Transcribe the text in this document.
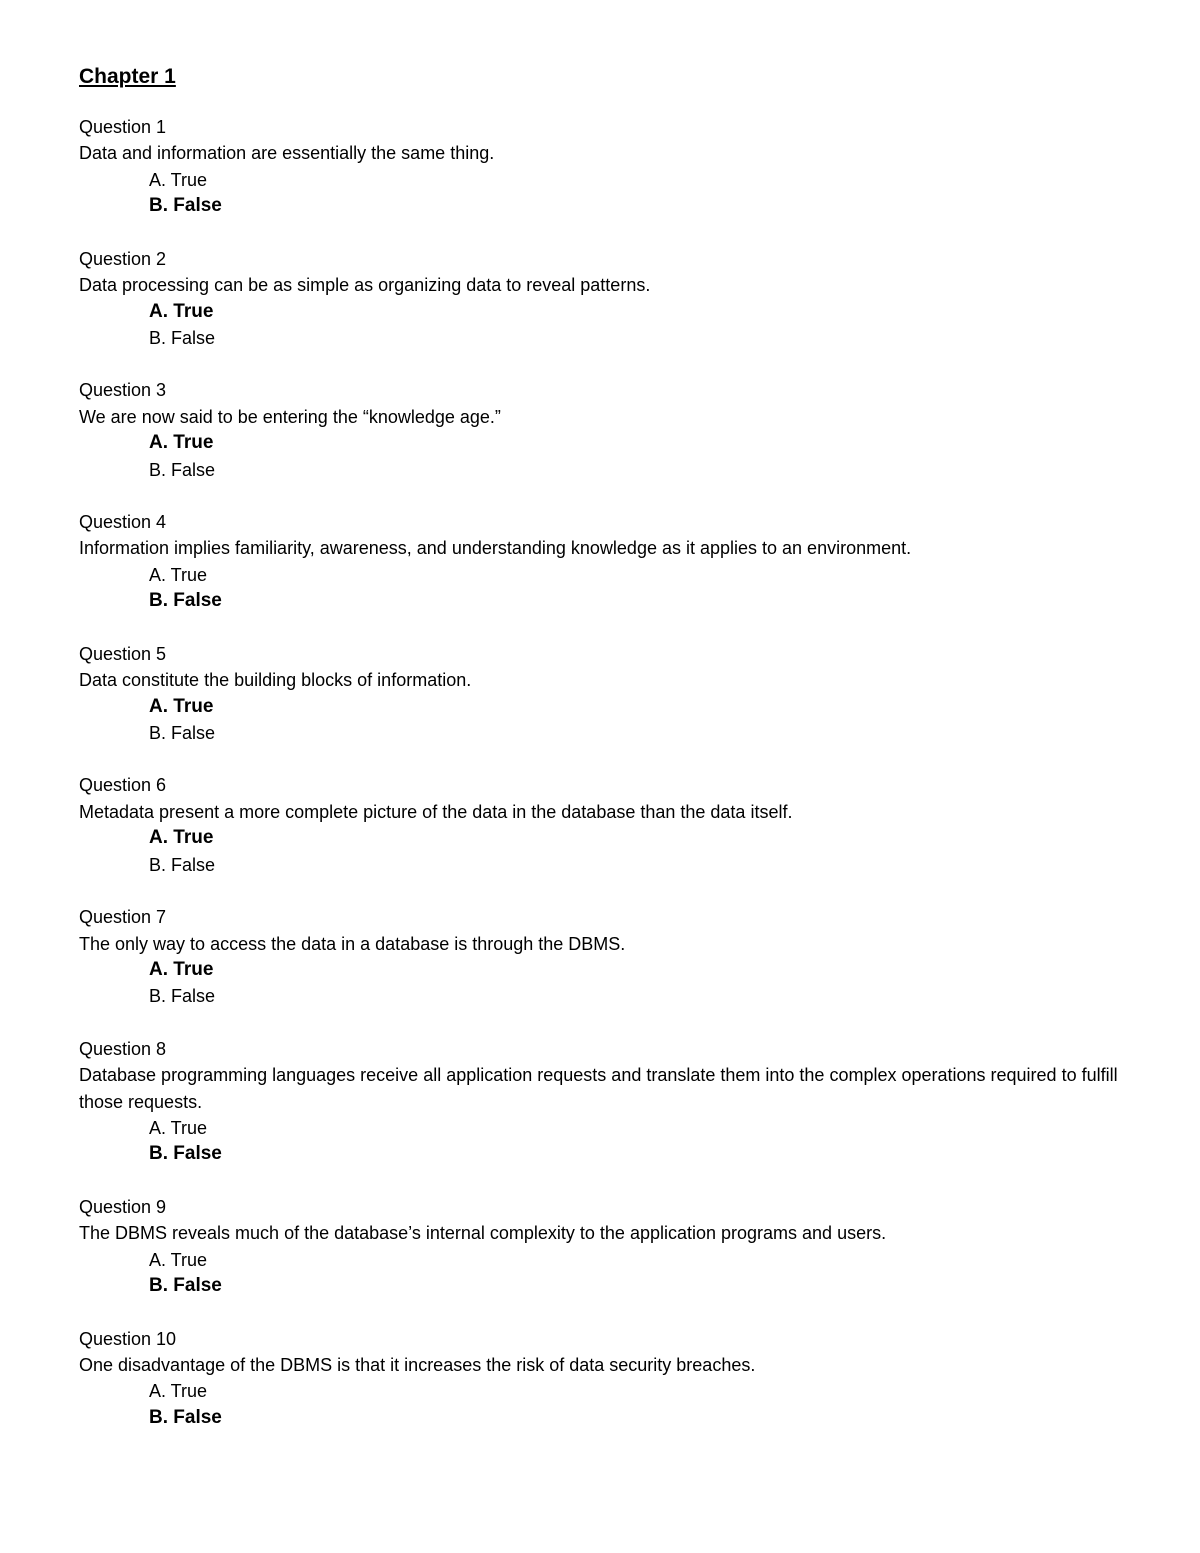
Chapter 1
Question 1
Data and information are essentially the same thing.
A. True
B. False
Question 2
Data processing can be as simple as organizing data to reveal patterns.
A. True
B. False
Question 3
We are now said to be entering the “knowledge age.”
A. True
B. False
Question 4
Information implies familiarity, awareness, and understanding knowledge as it applies to an environment.
A. True
B. False
Question 5
Data constitute the building blocks of information.
A. True
B. False
Question 6
Metadata present a more complete picture of the data in the database than the data itself.
A. True
B. False
Question 7
The only way to access the data in a database is through the DBMS.
A. True
B. False
Question 8
Database programming languages receive all application requests and translate them into the complex operations required to fulfill those requests.
A. True
B. False
Question 9
The DBMS reveals much of the database’s internal complexity to the application programs and users.
A. True
B. False
Question 10
One disadvantage of the DBMS is that it increases the risk of data security breaches.
A. True
B. False
